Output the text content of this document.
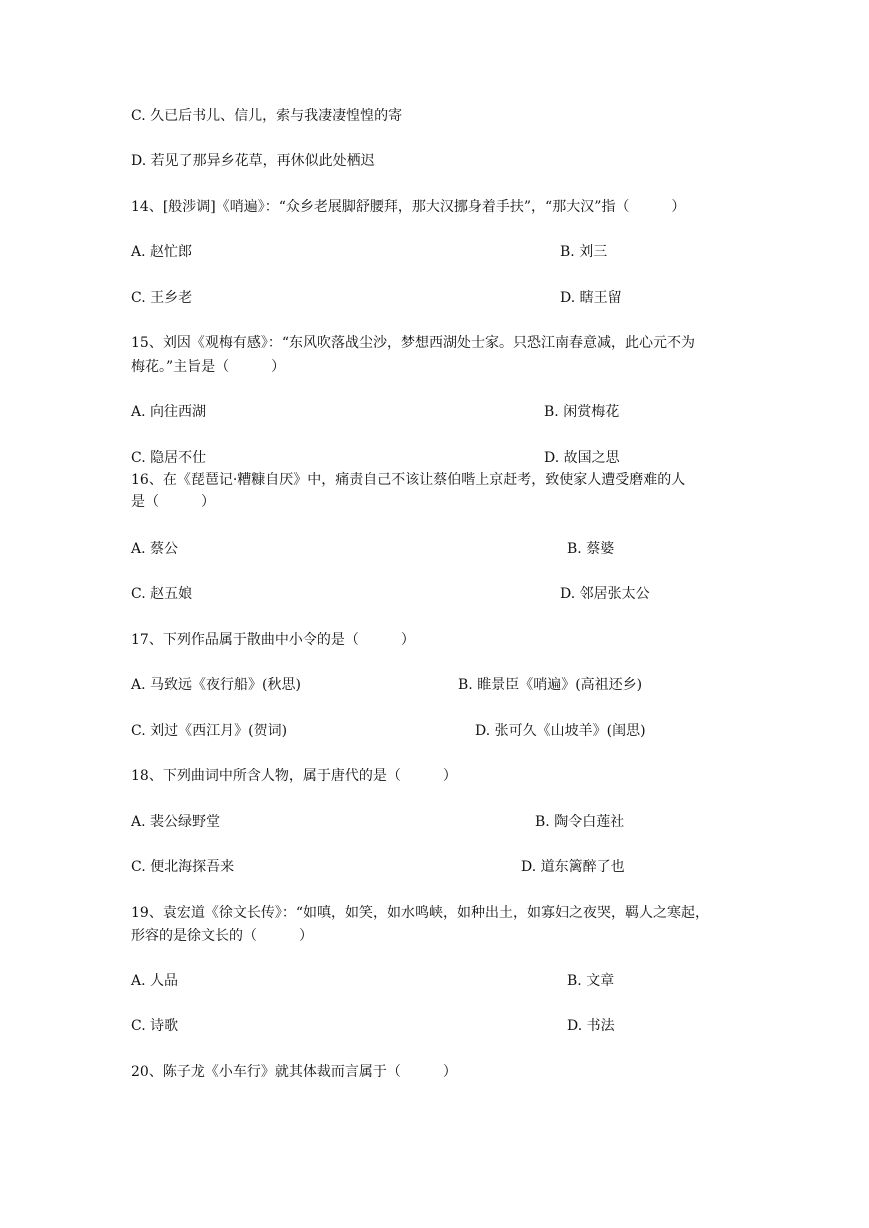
C. 久已后书儿、信儿，索与我凄凄惶惶的寄
D. 若见了那异乡花草，再休似此处栖迟
14、[般涉调]《哨遍》：“众乡老展脚舒腰拜，那大汉挪身着手扶”，“那大汉”指（　　　）
A. 赵忙郎	B. 刘三
C. 王乡老	D. 瞎王留
15、刘因《观梅有感》：“东风吹落战尘沙，梦想西湖处士家。只恐江南春意减，此心元不为
梅花。”主旨是（　　　）
A. 向往西湖	B. 闲赏梅花
C. 隐居不仕	D. 故国之思
16、在《琵琶记·糟糠自厌》中，痛责自己不该让蔡伯喈上京赶考，致使家人遭受磨难的人
是（　　　）
A. 蔡公	B. 蔡婆
C. 赵五娘	D. 邻居张太公
17、下列作品属于散曲中小令的是（　　　）
A. 马致远《夜行船》(秋思)	B. 睢景臣《哨遍》(高祖还乡)
C. 刘过《西江月》(贺词)	D. 张可久《山坡羊》(闺思)
18、下列曲词中所含人物，属于唐代的是（　　　）
A. 裴公绿野堂	B. 陶令白莲社
C. 便北海探吾来	D. 道东篱醉了也
19、袁宏道《徐文长传》：“如嗔，如笑，如水鸣峡，如种出土，如寡妇之夜哭，羁人之寒起，
形容的是徐文长的（　　　）
A. 人品	B. 文章
C. 诗歌	D. 书法
20、陈子龙《小车行》就其体裁而言属于（　　　）
